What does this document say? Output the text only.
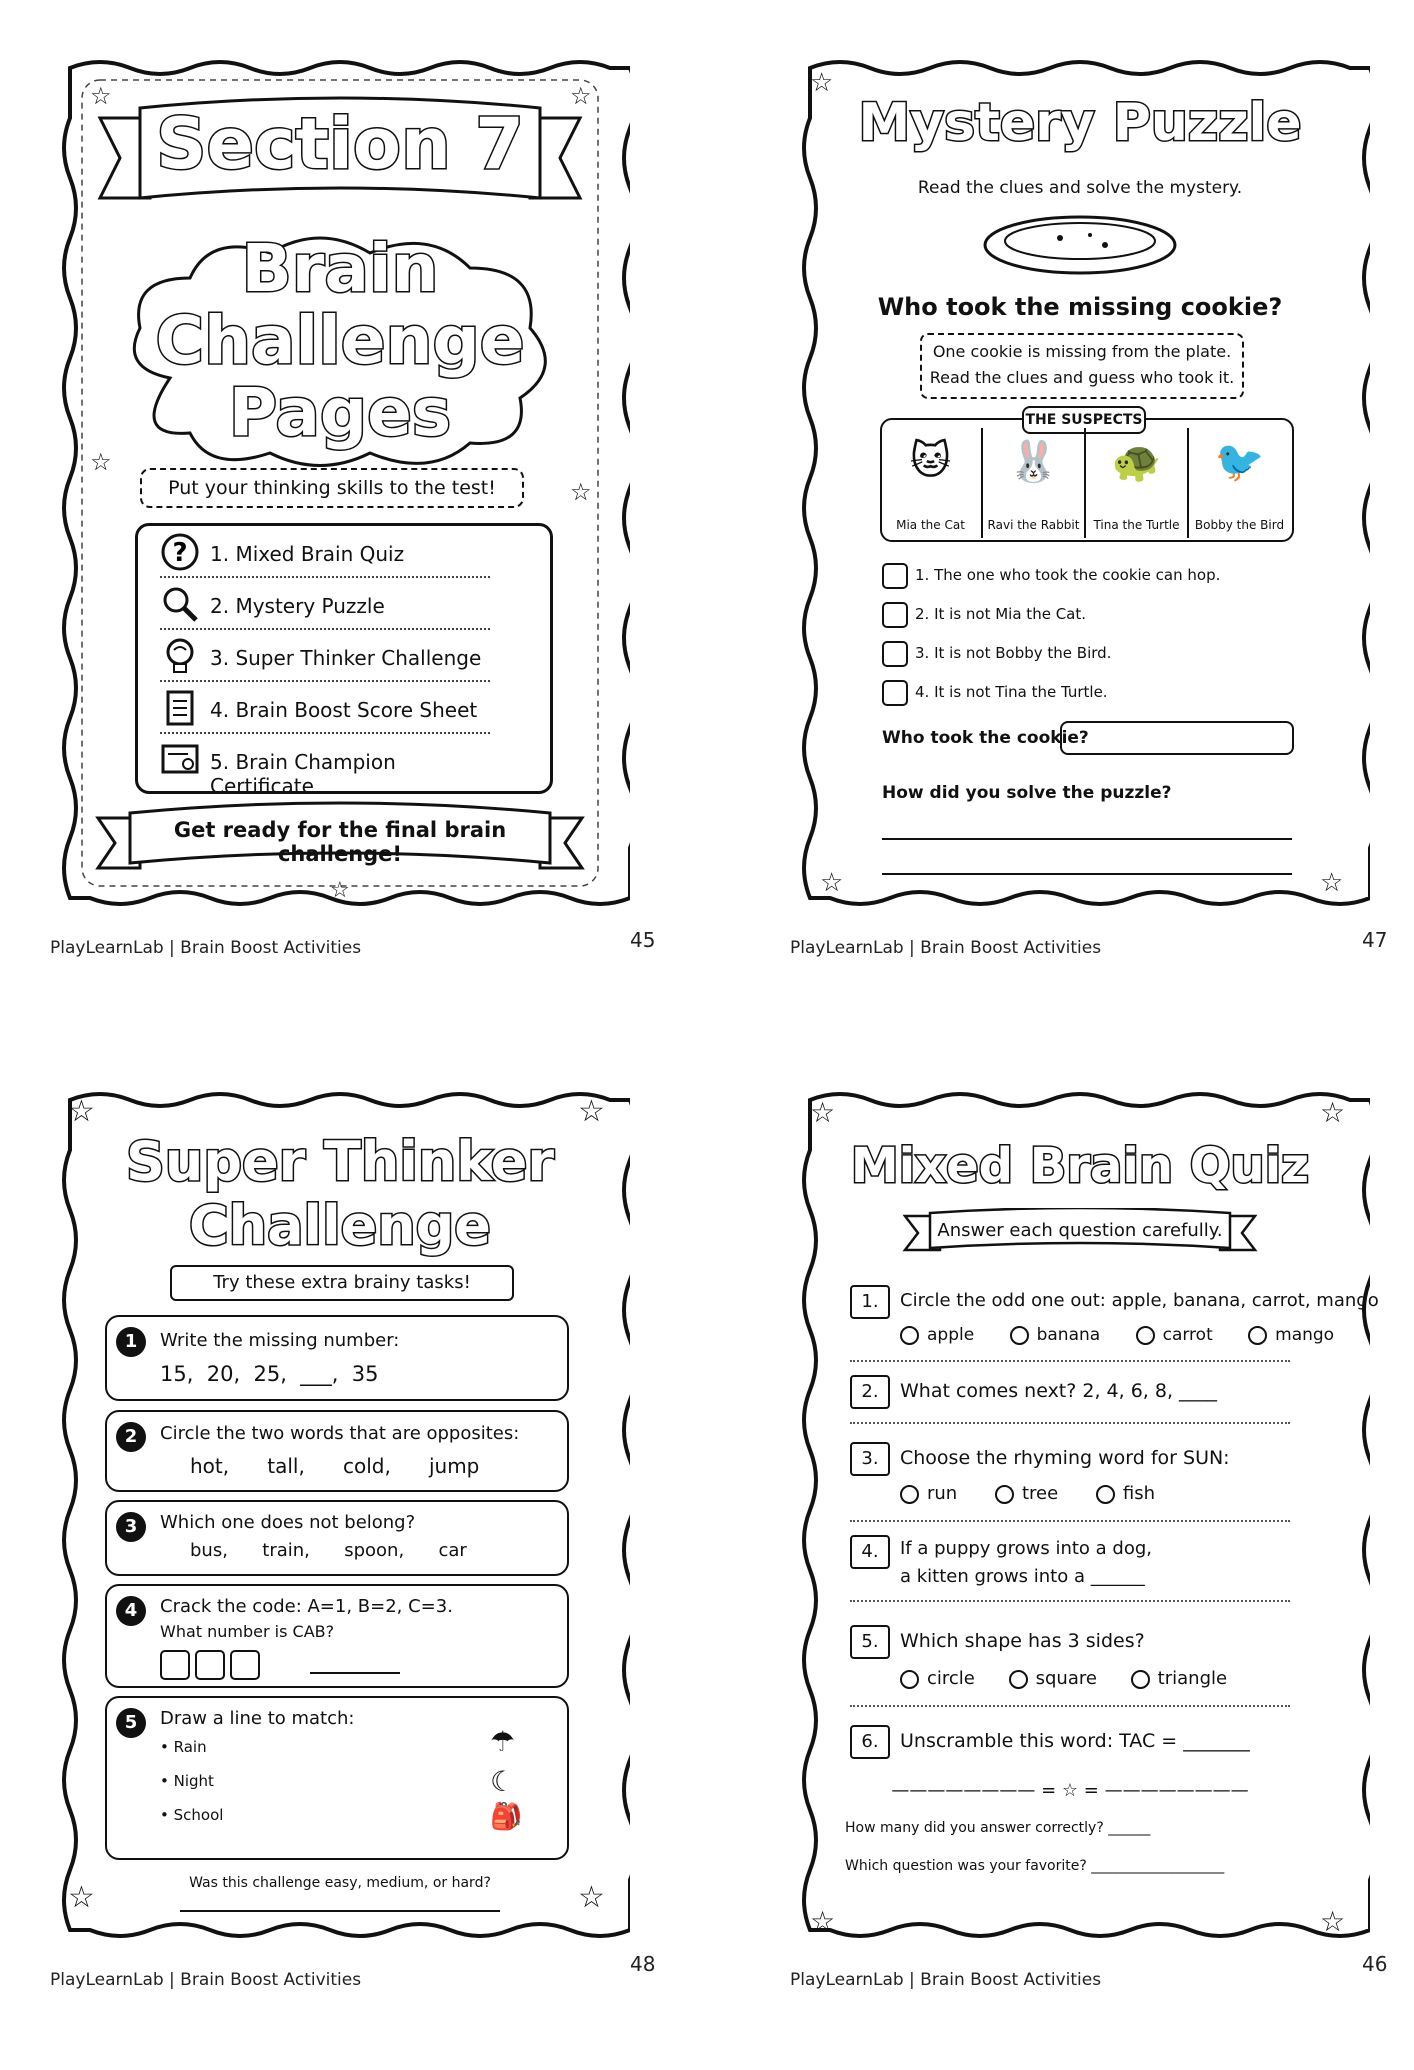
Section 7
Brain
Challenge
Pages
Put your thinking skills to the test!
? 1. Mixed Brain Quiz
2. Mystery Puzzle
3. Super Thinker Challenge
4. Brain Boost Score Sheet
5. Brain Champion Certificate
Get ready for the final brain challenge!
☆	☆
☆
☆
☆
PlayLearnLab | Brain Boost Activities	45
Mystery Puzzle
Read the clues and solve the mystery.
Who took the missing cookie?
One cookie is missing from the plate.
Read the clues and guess who took it.
THE SUSPECTS
🐱
Mia the Cat
🐰
Ravi the Rabbit
🐢
Tina the Turtle
🐦
Bobby the Bird
1. The one who took the cookie can hop.
2. It is not Mia the Cat.
3. It is not Bobby the Bird.
4. It is not Tina the Turtle.
Who took the cookie?
How did you solve the puzzle?
☆
☆	☆
PlayLearnLab | Brain Boost Activities	47
Super Thinker
Challenge
Try these extra brainy tasks!
1	Write the missing number:
15,  20,  25,  ___,  35
2	Circle the two words that are opposites:
hot,      tall,      cold,      jump
3	Which one does not belong?
bus,      train,      spoon,      car
4	Crack the code: A=1, B=2, C=3.
What number is CAB?
5	Draw a line to match:
• Rain
• Night
• School
☂
☾
🎒
Was this challenge easy, medium, or hard?
☆	☆
☆	☆
PlayLearnLab | Brain Boost Activities
48
Mixed Brain Quiz
Answer each question carefully.
1.	Circle the odd one out: apple, banana, carrot, mango
apple	banana	carrot	mango
2.	What comes next? 2, 4, 6, 8, ____
3.	Choose the rhyming word for SUN:
run	tree	fish
4.	If a puppy grows into a dog,
a kitten grows into a ______
5.	Which shape has 3 sides?
circle	square	triangle
6.	Unscramble this word: TAC = _______
———————— = ☆ = ————————
How many did you answer correctly? ______
Which question was your favorite? ___________________
☆	☆
☆	☆
PlayLearnLab | Brain Boost Activities
46
